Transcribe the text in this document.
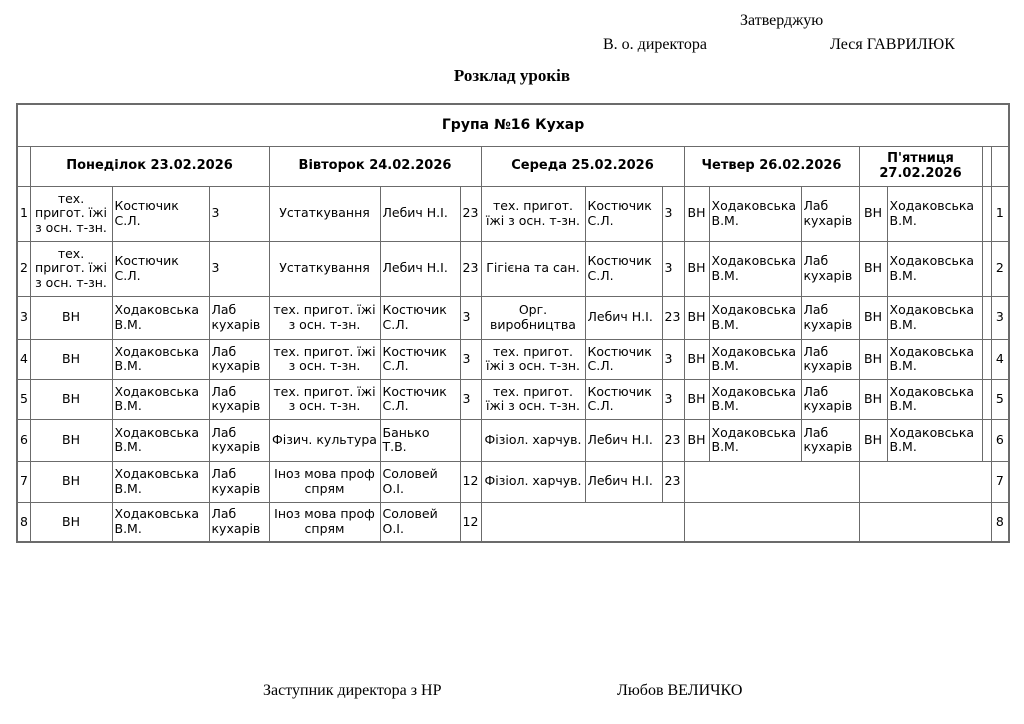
Затверджую
В. о. директора	Леся ГАВРИЛЮК
Розклад уроків
Група №16 Кухар																
	Понеділок 23.02.2026			Вівторок 24.02.2026			Середа 25.02.2026			Четвер 26.02.2026			П'ятниця 27.02.2026			
1	тех. пригот. їжі з осн. т-зн.	Костючик С.Л.	3	Устаткування	Лебич Н.І.	23	тех. пригот. їжі з осн. т-зн.	Костючик С.Л.	3	ВН	Ходаковська В.М.	Лаб кухарів	ВН	Ходаковська В.М.		1
2	тех. пригот. їжі з осн. т-зн.	Костючик С.Л.	3	Устаткування	Лебич Н.І.	23	Гігієна та сан.	Костючик С.Л.	3	ВН	Ходаковська В.М.	Лаб кухарів	ВН	Ходаковська В.М.		2
3	ВН	Ходаковська В.М.	Лаб кухарів	тех. пригот. їжі з осн. т-зн.	Костючик С.Л.	3	Орг. виробництва	Лебич Н.І.	23	ВН	Ходаковська В.М.	Лаб кухарів	ВН	Ходаковська В.М.		3
4	ВН	Ходаковська В.М.	Лаб кухарів	тех. пригот. їжі з осн. т-зн.	Костючик С.Л.	3	тех. пригот. їжі з осн. т-зн.	Костючик С.Л.	3	ВН	Ходаковська В.М.	Лаб кухарів	ВН	Ходаковська В.М.		4
5	ВН	Ходаковська В.М.	Лаб кухарів	тех. пригот. їжі з осн. т-зн.	Костючик С.Л.	3	тех. пригот. їжі з осн. т-зн.	Костючик С.Л.	3	ВН	Ходаковська В.М.	Лаб кухарів	ВН	Ходаковська В.М.		5
6	ВН	Ходаковська В.М.	Лаб кухарів	Фізич. культура	Банько Т.В.		Фізіол. харчув.	Лебич Н.І.	23	ВН	Ходаковська В.М.	Лаб кухарів	ВН	Ходаковська В.М.		6
7	ВН	Ходаковська В.М.	Лаб кухарів	Іноз мова проф спрям	Соловей О.І.	12	Фізіол. харчув.	Лебич Н.І.	23							7
8	ВН	Ходаковська В.М.	Лаб кухарів	Іноз мова проф спрям	Соловей О.І.	12										8
Заступник директора з НР	Любов ВЕЛИЧКО
